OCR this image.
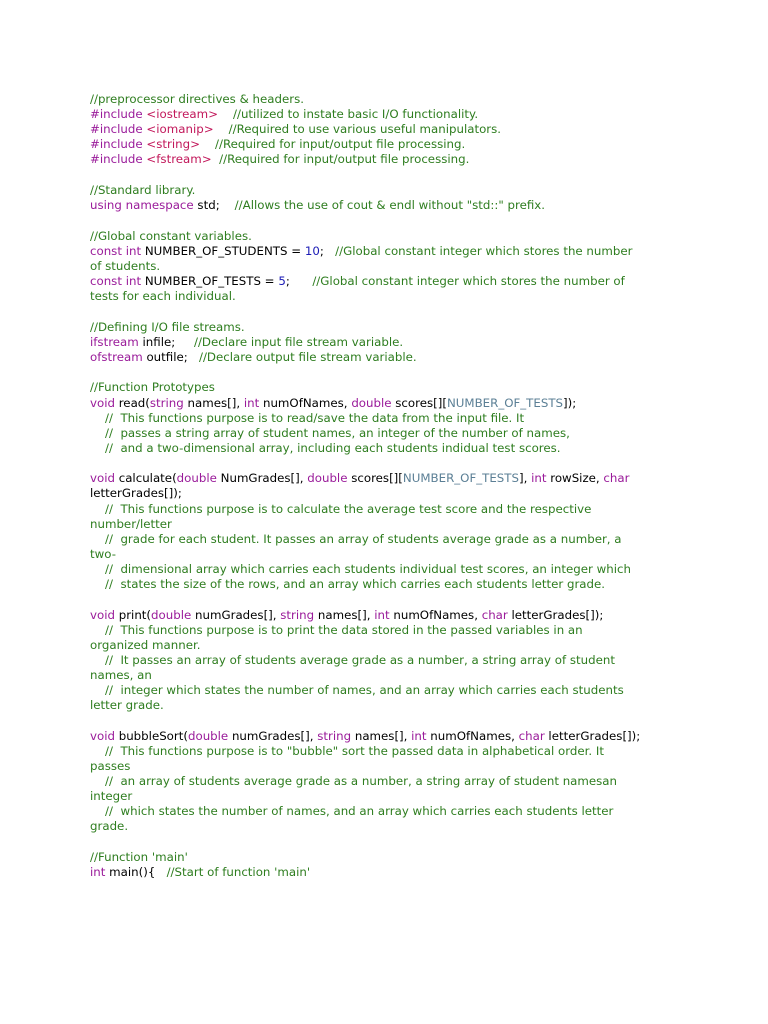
//preprocessor directives & headers.
#include <iostream> //utilized to instate basic I/O functionality.
#include <iomanip> //Required to use various useful manipulators.
#include <string> //Required for input/output file processing.
#include <fstream> //Required for input/output file processing.
//Standard library.
using namespace std;    //Allows the use of cout & endl without "std::" prefix.
//Global constant variables.
const int NUMBER_OF_STUDENTS = 10;   //Global constant integer which stores the number
of students.
const int NUMBER_OF_TESTS = 5;      //Global constant integer which stores the number of
tests for each individual.
//Defining I/O file streams.
ifstream infile;     //Declare input file stream variable.
ofstream outfile;   //Declare output file stream variable.
//Function Prototypes
void read(string names[], int numOfNames, double scores[][NUMBER_OF_TESTS]);
//  This functions purpose is to read/save the data from the input file. It
//  passes a string array of student names, an integer of the number of names,
//  and a two-dimensional array, including each students indidual test scores.
void calculate(double NumGrades[], double scores[][NUMBER_OF_TESTS], int rowSize, char
letterGrades[]);
//  This functions purpose is to calculate the average test score and the respective
number/letter
//  grade for each student. It passes an array of students average grade as a number, a
two-
//  dimensional array which carries each students individual test scores, an integer which
//  states the size of the rows, and an array which carries each students letter grade.
void print(double numGrades[], string names[], int numOfNames, char letterGrades[]);
//  This functions purpose is to print the data stored in the passed variables in an
organized manner.
//  It passes an array of students average grade as a number, a string array of student
names, an
//  integer which states the number of names, and an array which carries each students
letter grade.
void bubbleSort(double numGrades[], string names[], int numOfNames, char letterGrades[]);
//  This functions purpose is to "bubble" sort the passed data in alphabetical order. It
passes
//  an array of students average grade as a number, a string array of student namesan
integer
//  which states the number of names, and an array which carries each students letter
grade.
//Function 'main'
int main(){   //Start of function 'main'
